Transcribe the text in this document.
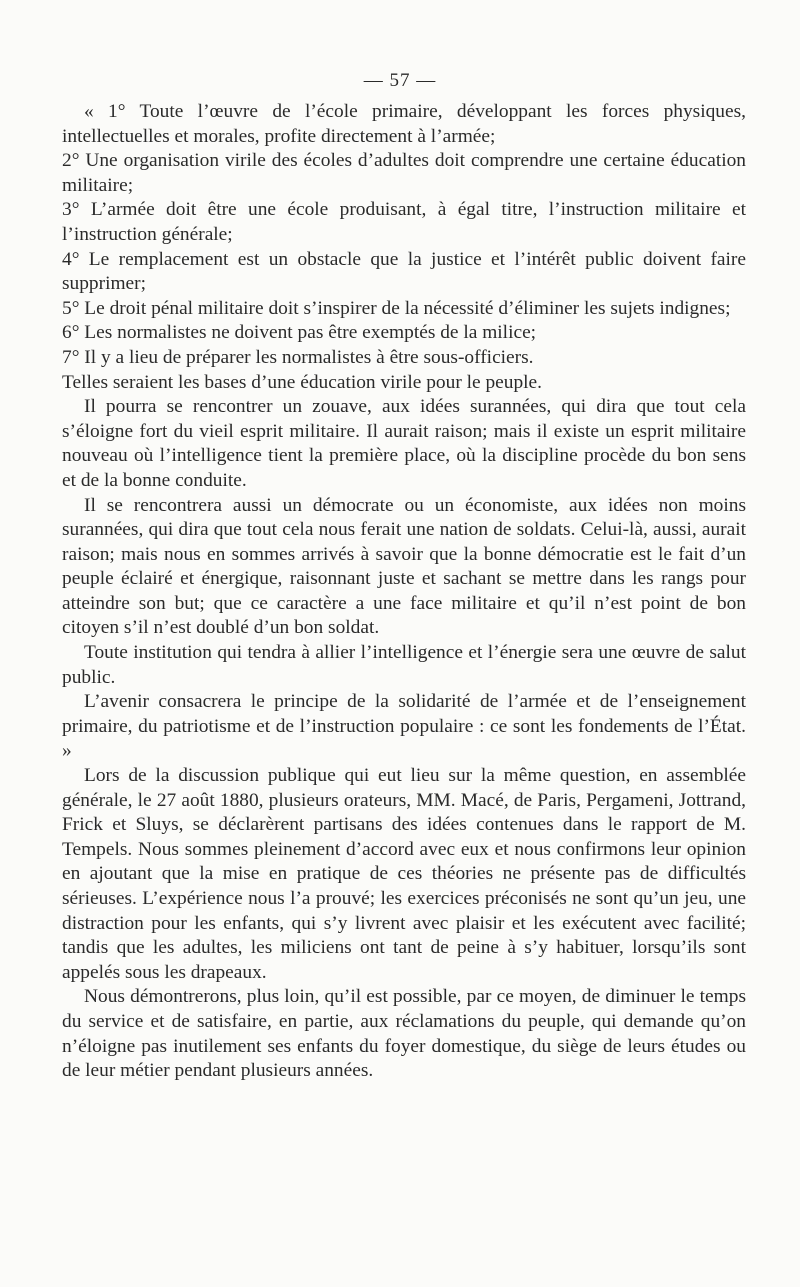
— 57 —

« 1° Toute l’œuvre de l’école primaire, développant les forces physiques, intellectuelles et morales, profite directement à l’armée;

2° Une organisation virile des écoles d’adultes doit comprendre une certaine éducation militaire;

3° L’armée doit être une école produisant, à égal titre, l’instruction militaire et l’instruction générale;

4° Le remplacement est un obstacle que la justice et l’intérêt public doivent faire supprimer;

5° Le droit pénal militaire doit s’inspirer de la nécessité d’éliminer les sujets indignes;

6° Les normalistes ne doivent pas être exemptés de la milice;

7° Il y a lieu de préparer les normalistes à être sous-officiers.

Telles seraient les bases d’une éducation virile pour le peuple.

Il pourra se rencontrer un zouave, aux idées surannées, qui dira que tout cela s’éloigne fort du vieil esprit militaire. Il aurait raison; mais il existe un esprit militaire nouveau où l’intelligence tient la première place, où la discipline procède du bon sens et de la bonne conduite.

Il se rencontrera aussi un démocrate ou un économiste, aux idées non moins surannées, qui dira que tout cela nous ferait une nation de soldats. Celui-là, aussi, aurait raison; mais nous en sommes arrivés à savoir que la bonne démocratie est le fait d’un peuple éclairé et énergique, raisonnant juste et sachant se mettre dans les rangs pour atteindre son but; que ce caractère a une face militaire et qu’il n’est point de bon citoyen s’il n’est doublé d’un bon soldat.

Toute institution qui tendra à allier l’intelligence et l’énergie sera une œuvre de salut public.

L’avenir consacrera le principe de la solidarité de l’armée et de l’enseignement primaire, du patriotisme et de l’instruction populaire : ce sont les fondements de l’État. »

Lors de la discussion publique qui eut lieu sur la même question, en assemblée générale, le 27 août 1880, plusieurs orateurs, MM. Macé, de Paris, Pergameni, Jottrand, Frick et Sluys, se déclarèrent partisans des idées contenues dans le rapport de M. Tempels. Nous sommes pleinement d’accord avec eux et nous confirmons leur opinion en ajoutant que la mise en pratique de ces théories ne présente pas de difficultés sérieuses. L’expérience nous l’a prouvé; les exercices préconisés ne sont qu’un jeu, une distraction pour les enfants, qui s’y livrent avec plaisir et les exécutent avec facilité; tandis que les adultes, les miliciens ont tant de peine à s’y habituer, lorsqu’ils sont appelés sous les drapeaux.

Nous démontrerons, plus loin, qu’il est possible, par ce moyen, de diminuer le temps du service et de satisfaire, en partie, aux réclamations du peuple, qui demande qu’on n’éloigne pas inutilement ses enfants du foyer domestique, du siège de leurs études ou de leur métier pendant plusieurs années.
